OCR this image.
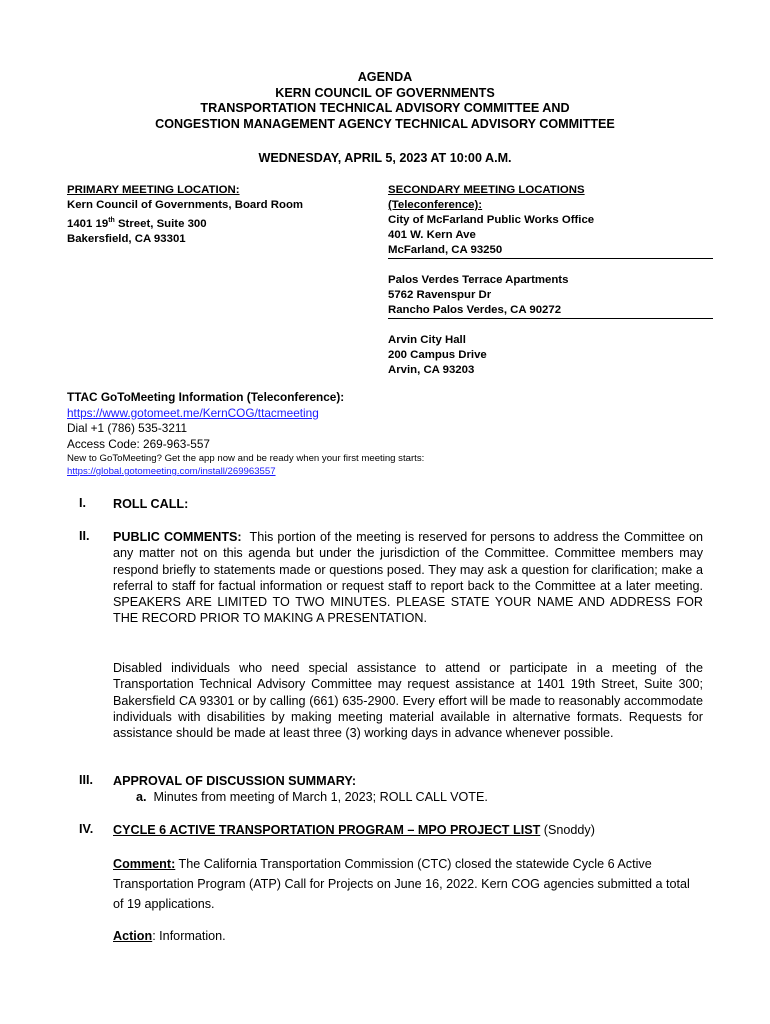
AGENDA
KERN COUNCIL OF GOVERNMENTS
TRANSPORTATION TECHNICAL ADVISORY COMMITTEE AND
CONGESTION MANAGEMENT AGENCY TECHNICAL ADVISORY COMMITTEE
WEDNESDAY, APRIL 5, 2023 AT 10:00 A.M.
PRIMARY MEETING LOCATION:
Kern Council of Governments, Board Room
1401 19th Street, Suite 300
Bakersfield, CA 93301
SECONDARY MEETING LOCATIONS
(Teleconference):
City of McFarland Public Works Office
401 W. Kern Ave
McFarland, CA 93250
Palos Verdes Terrace Apartments
5762 Ravenspur Dr
Rancho Palos Verdes, CA 90272
Arvin City Hall
200 Campus Drive
Arvin, CA 93203
TTAC GoToMeeting Information (Teleconference):
https://www.gotomeet.me/KernCOG/ttacmeeting
Dial +1 (786) 535-3211
Access Code: 269-963-557
New to GoToMeeting? Get the app now and be ready when your first meeting starts:
https://global.gotomeeting.com/install/269963557
I. ROLL CALL:
II. PUBLIC COMMENTS: This portion of the meeting is reserved for persons to address the Committee on any matter not on this agenda but under the jurisdiction of the Committee. Committee members may respond briefly to statements made or questions posed. They may ask a question for clarification; make a referral to staff for factual information or request staff to report back to the Committee at a later meeting. SPEAKERS ARE LIMITED TO TWO MINUTES. PLEASE STATE YOUR NAME AND ADDRESS FOR THE RECORD PRIOR TO MAKING A PRESENTATION.
Disabled individuals who need special assistance to attend or participate in a meeting of the Transportation Technical Advisory Committee may request assistance at 1401 19th Street, Suite 300; Bakersfield CA 93301 or by calling (661) 635-2900. Every effort will be made to reasonably accommodate individuals with disabilities by making meeting material available in alternative formats. Requests for assistance should be made at least three (3) working days in advance whenever possible.
III. APPROVAL OF DISCUSSION SUMMARY:
a. Minutes from meeting of March 1, 2023; ROLL CALL VOTE.
IV. CYCLE 6 ACTIVE TRANSPORTATION PROGRAM – MPO PROJECT LIST (Snoddy)
Comment: The California Transportation Commission (CTC) closed the statewide Cycle 6 Active Transportation Program (ATP) Call for Projects on June 16, 2022. Kern COG agencies submitted a total of 19 applications.
Action: Information.
